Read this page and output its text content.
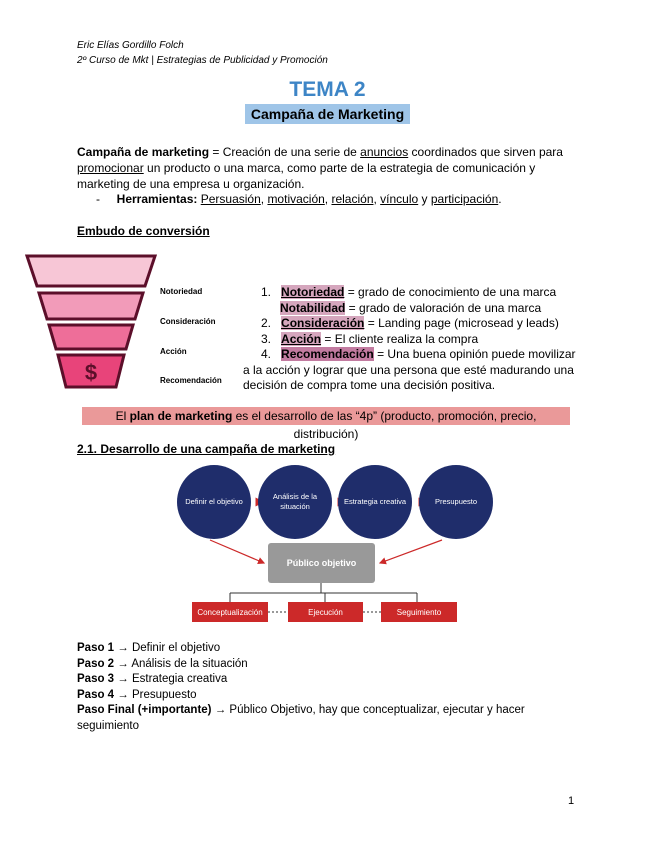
Eric Elías Gordillo Folch
2º Curso de Mkt | Estrategias de Publicidad y Promoción
TEMA 2
Campaña de Marketing
Campaña de marketing = Creación de una serie de anuncios coordinados que sirven para promocionar un producto o una marca, como parte de la estrategia de comunicación y marketing de una empresa u organización.
- Herramientas: Persuasión, motivación, relación, vínculo y participación.
Embudo de conversión
$
Notoriedad
Consideración
Acción
Recomendación
1. Notoriedad = grado de conocimiento de una marca
Notabilidad = grado de valoración de una marca
2. Consideración = Landing page (microsead y leads)
3. Acción = El cliente realiza la compra
4. Recomendación = Una buena opinión puede movilizar
a la acción y lograr que una persona que esté madurando una
decisión de compra tome una decisión positiva.
El plan de marketing es el desarrollo de las “4p” (producto, promoción, precio, distribución)
2.1. Desarrollo de una campaña de marketing
Definir el objetivo
Análisis de la situación
Estrategia creativa	Presupuesto
Público objetivo
Conceptualización	Ejecución	Seguimiento
Paso 1 → Definir el objetivo
Paso 2 → Análisis de la situación
Paso 3 → Estrategia creativa
Paso 4 → Presupuesto
Paso Final (+importante) → Público Objetivo, hay que conceptualizar, ejecutar y hacer seguimiento
1
